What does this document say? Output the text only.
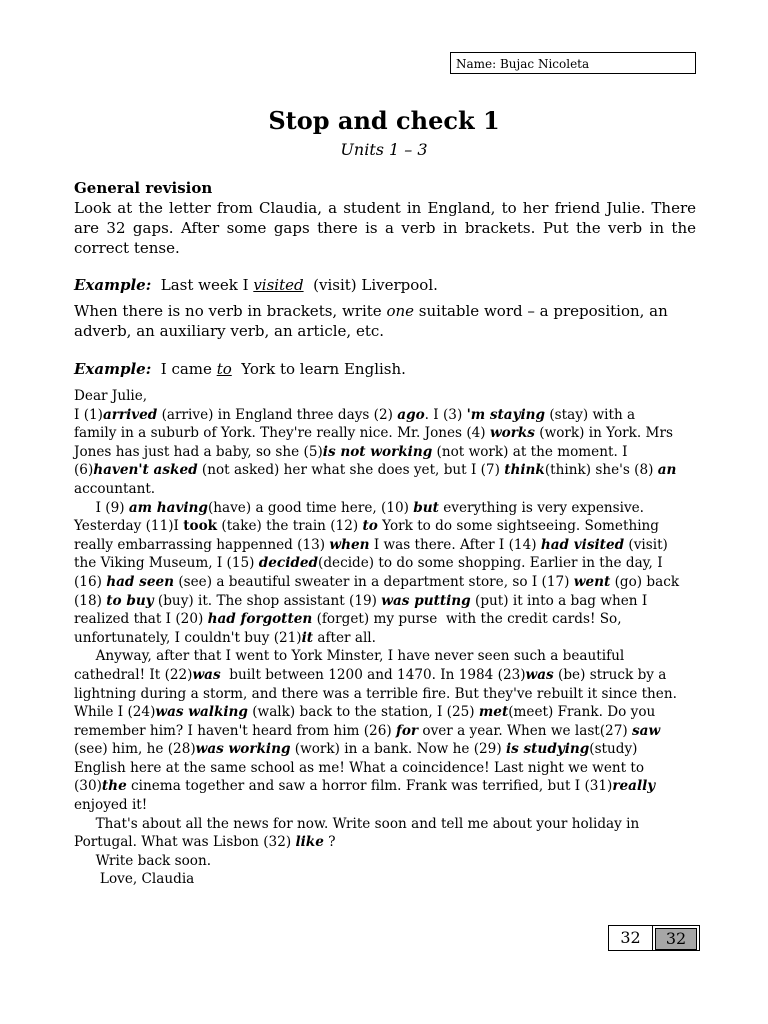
Name: Bujac Nicoleta
Stop and check 1
Units 1 – 3
General revision
Look at the letter from Claudia, a student in England, to her friend Julie. There are 32 gaps. After some gaps there is a verb in brackets. Put the verb in the correct tense.
Example:  Last week I visited  (visit) Liverpool.
When there is no verb in brackets, write one suitable word – a preposition, an adverb, an auxiliary verb, an article, etc.
Example:  I came to  York to learn English.
Dear Julie,
I (1)arrived (arrive) in England three days (2) ago. I (3) 'm staying (stay) with a
family in a suburb of York. They're really nice. Mr. Jones (4) works (work) in York. Mrs
Jones has just had a baby, so she (5)is not working (not work) at the moment. I
(6)haven't asked (not asked) her what she does yet, but I (7) think(think) she's (8) an
accountant.
I (9) am having(have) a good time here, (10) but everything is very expensive.
Yesterday (11)I took (take) the train (12) to York to do some sightseeing. Something
really embarrassing happenned (13) when I was there. After I (14) had visited (visit)
the Viking Museum, I (15) decided(decide) to do some shopping. Earlier in the day, I
(16) had seen (see) a beautiful sweater in a department store, so I (17) went (go) back
(18) to buy (buy) it. The shop assistant (19) was putting (put) it into a bag when I
realized that I (20) had forgotten (forget) my purse  with the credit cards! So,
unfortunately, I couldn't buy (21)it after all.
Anyway, after that I went to York Minster, I have never seen such a beautiful
cathedral! It (22)was  built between 1200 and 1470. In 1984 (23)was (be) struck by a
lightning during a storm, and there was a terrible fire. But they've rebuilt it since then.
While I (24)was walking (walk) back to the station, I (25) met(meet) Frank. Do you
remember him? I haven't heard from him (26) for over a year. When we last(27) saw
(see) him, he (28)was working (work) in a bank. Now he (29) is studying(study)
English here at the same school as me! What a coincidence! Last night we went to
(30)the cinema together and saw a horror film. Frank was terrified, but I (31)really
enjoyed it!
That's about all the news for now. Write soon and tell me about your holiday in
Portugal. What was Lisbon (32) like ?
Write back soon.
Love, Claudia
32	32
